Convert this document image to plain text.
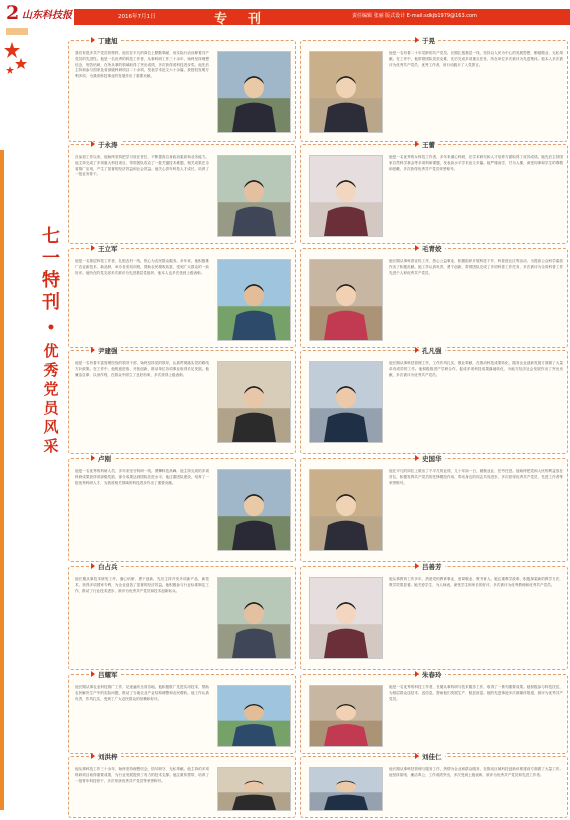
2 山东科技报	2016年7月1日	专　刊	责任编辑 张丽 版式设计 E-mail:sdkjb1979@163.com
七一特刊
•
优秀党员风采
丁建旭
我们有很多共产党员的榜样，他们在平凡的岗位上默默奉献，用实际行动诠释着共产党员的先进性。他是一名优秀的科技工作者，从事科研工作三十余年，始终坚持理想信念，刻苦钻研，在所从事的领域取得了突出成绩，多次获得省科技进步奖。他先后主持和参与国家及省部级科研项目二十余项，发表学术论文六十余篇，获授权发明专利多项，为我省科技事业的发展作出了重要贡献。
于晃
他是一名有着二十年党龄的共产党员，长期扎根基层一线，坚持以人民为中心的发展思想，勤勉敬业、无私奉献。在工作中，他带领团队攻坚克难，先后完成多项重点任务，所在单位多次被评为先进集体。他本人多次被评为优秀共产党员、优秀工作者，用行动践行了入党誓言。
于永涛
自参加工作以来，他始终坚持把学习放在首位，不断提高自身政治素质和业务能力。他主持完成了多项重大科技项目，带领团队攻克了一批关键技术难题，相关成果在全省推广应用，产生了显著的经济效益和社会效益。他关心青年科技人才成长，培养了一批业务骨干。
王蕾
她是一名优秀的女科技工作者，多年来潜心科研，在学术研究和人才培养方面取得了优异成绩。她先后主持国家自然科学基金等多项科研课题，发表高水平学术论文多篇。她严谨治学、甘为人梯，深受同事和学生的尊敬和爱戴，多次获得优秀共产党员荣誉称号。
王立军
他是一名基层科技工作者，扎根农村一线，热心为农民群众服务。多年来，他积极推广农业新技术、新品种，举办各类培训班，帮助农民增收致富，受到广大群众的一致好评。他所在的党支部多次被评为先进基层党组织，他本人也多次受到上级表彰。
毛青姣
她长期从事科普宣传工作，热心公益事业，积极组织开展科技下乡、科普进社区等活动，为提高公众科学素质作出了积极贡献。她工作认真负责，勇于创新，带领团队完成了多项科普工作任务，多次被评为全省科普工作先进个人和优秀共产党员。
尹建强
他是一名有着丰富管理经验的领导干部，始终坚持党的领导，认真贯彻落实党的路线方针政策。在工作中，他锐意进取、开拓创新，推动单位各项事业取得长足发展。他廉洁自律、以身作则，在群众中树立了良好形象，多次获得上级表彰。
孔凡强
他长期从事科技管理工作，工作作风扎实，敬业奉献，在推动科技成果转化、服务企业创新发展方面做了大量卓有成效的工作。他积极推进产学研合作，促成多项科技成果落地转化，为地方经济社会发展作出了突出贡献，多次被评为优秀共产党员。
卢刚
他是一名优秀的科研人员，多年来坚守科研一线，勇攀科技高峰。他主持完成的多项科研成果获得省部级奖励，部分成果达到国际先进水平。他注重团队建设，培养了一批优秀科研人才，为我省相关领域的科技进步作出了重要贡献。
史国华
他在平凡的岗位上做出了不平凡的业绩，几十年如一日，兢兢业业、任劳任怨。他始终把党和人民的利益放在首位，积极发挥共产党员的先锋模范作用，带动身边的同志共同进步，多次获得优秀共产党员、先进工作者等荣誉称号。
白占兵
他长期从事技术研发工作，潜心钻研、勇于创新，先后主持开发多项新产品、新技术，获得多项国家专利，为企业创造了显著的经济效益。他积极参与行业标准制定工作，推动了行业技术进步，被评为优秀共产党员和技术创新标兵。
吕善芳
她从事教育工作多年，热爱党的教育事业，爱岗敬业、教书育人。她注重教学改革，积极探索新的教学方法，教学效果显著。她关爱学生、为人师表，深受学生和家长的好评，多次被评为优秀教师和优秀共产党员。
吕耀军
他长期从事农业科技推广工作，足迹遍布全省各地。他积极推广先进实用技术，帮助农民解决生产中的实际问题，推动了当地农业产业结构调整和农民增收。他工作认真负责，作风扎实，受到了广大农民群众的信赖和好评。
朱春玲
她是一名优秀的科技工作者，长期从事科研与技术服务工作，取得了一系列重要成果。她积极参与科技扶贫，为基层群众送技术、送信息，帮助他们发展生产、脱贫致富。她的先进事迹多次被媒体报道，被评为优秀共产党员。
刘洪梓
他从事科技工作三十余年，始终坚持理想信念，恪尽职守、无私奉献。他主持的多项科研项目取得重要成果，为行业发展提供了有力的技术支撑。他注重传帮带，培养了一批青年科技骨干，多次荣获优秀共产党员等荣誉称号。
刘佳仁
他长期从事科技管理与服务工作，热情为企业和群众服务，在推动区域科技创新体系建设方面做了大量工作。他坚持原则、廉洁奉公，工作成绩突出，多次受到上级表彰，被评为优秀共产党员和先进工作者。
